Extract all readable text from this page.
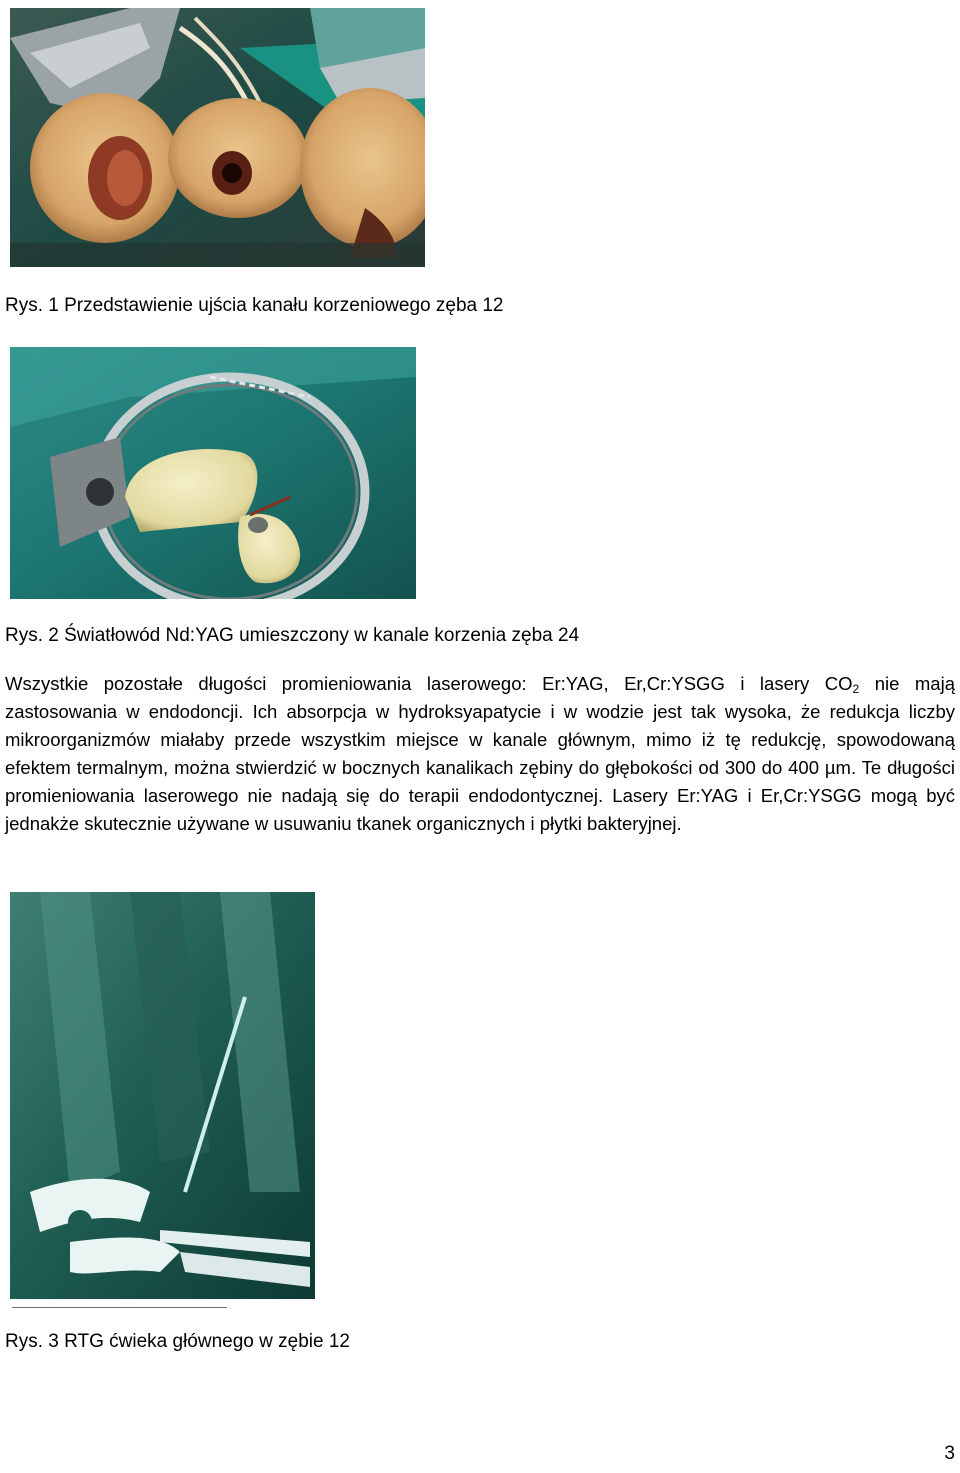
Rys. 1 Przedstawienie ujścia kanału korzeniowego zęba 12
Rys. 2 Światłowód Nd:YAG umieszczony w kanale korzenia zęba 24
Wszystkie pozostałe długości promieniowania laserowego: Er:YAG, Er,Cr:YSGG i lasery $CO_2$ nie mają zastosowania w endodoncji. Ich absorpcja w hydroksyapatycie i w wodzie jest tak wysoka, że redukcja liczby mikroorganizmów miałaby przede wszystkim miejsce w kanale głównym, mimo iż tę redukcję, spowodowaną efektem termalnym, można stwierdzić w bocznych kanalikach zębiny do głębokości od 300 do 400 µm. Te długości promieniowania laserowego nie nadają się do terapii endodontycznej. Lasery Er:YAG i Er,Cr:YSGG mogą być jednakże skutecznie używane w usuwaniu tkanek organicznych i płytki bakteryjnej.
Rys. 3 RTG ćwieka głównego w zębie 12
3
